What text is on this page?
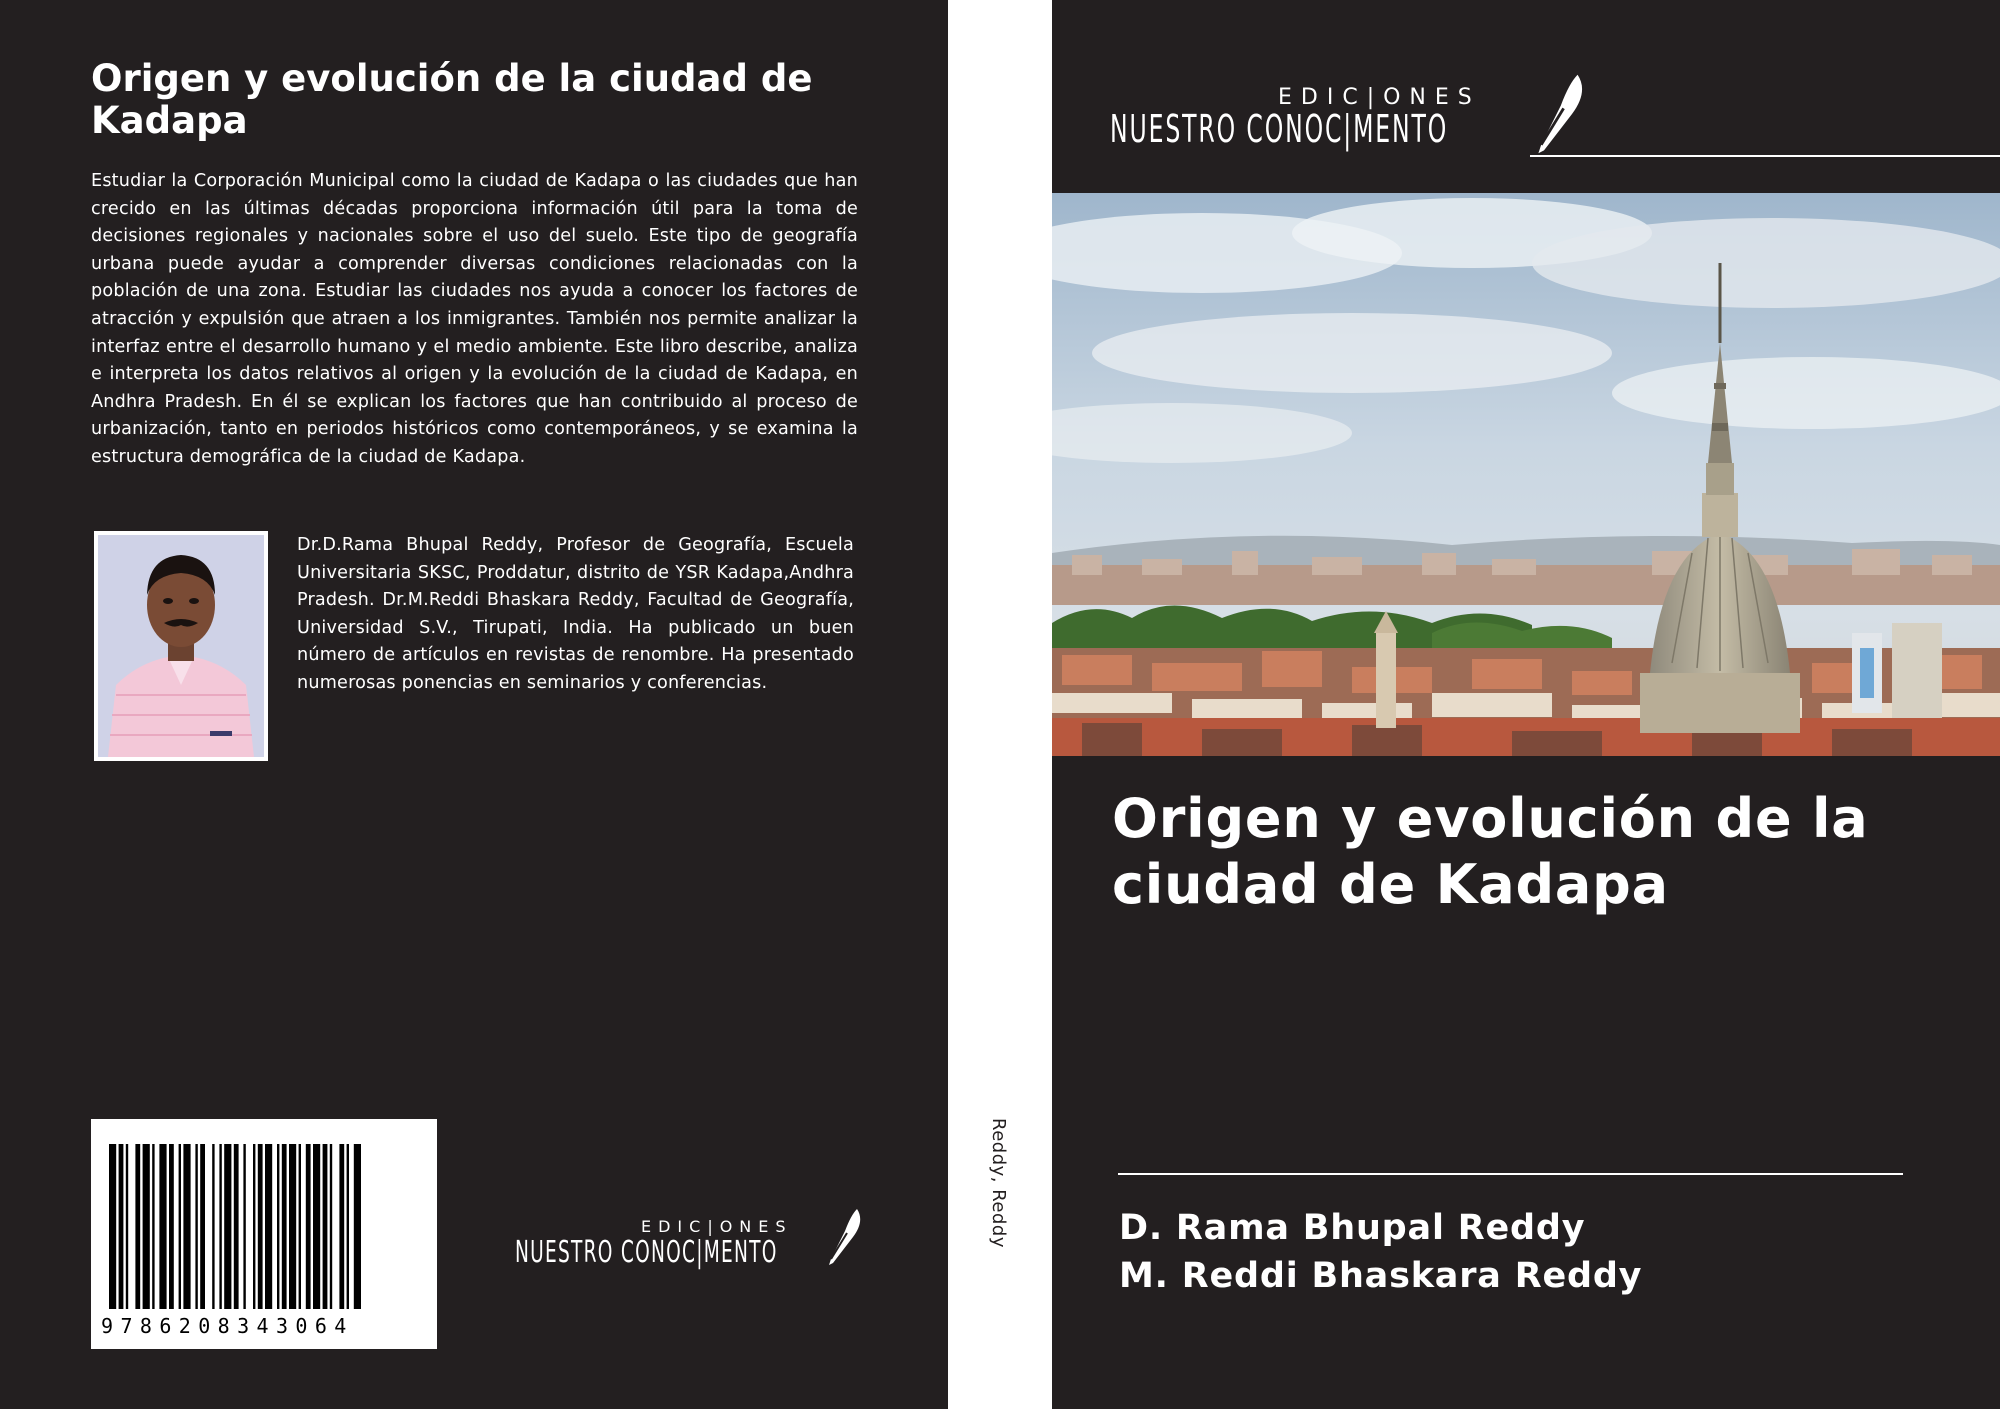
Origen y evolución de la ciudad de Kadapa
Estudiar la Corporación Municipal como la ciudad de Kadapa o las ciudades que han crecido en las últimas décadas proporciona información útil para la toma de decisiones regionales y nacionales sobre el uso del suelo. Este tipo de geografía urbana puede ayudar a comprender diversas condiciones relacionadas con la población de una zona. Estudiar las ciudades nos ayuda a conocer los factores de atracción y expulsión que atraen a los inmigrantes. También nos permite analizar la interfaz entre el desarrollo humano y el medio ambiente. Este libro describe, analiza e interpreta los datos relativos al origen y la evolución de la ciudad de Kadapa, en Andhra Pradesh. En él se explican los factores que han contribuido al proceso de urbanización, tanto en periodos históricos como contemporáneos, y se examina la estructura demográfica de la ciudad de Kadapa.
Dr.D.Rama Bhupal Reddy, Profesor de Geografía, Escuela Universitaria SKSC, Proddatur, distrito de YSR Kadapa,Andhra Pradesh. Dr.M.Reddi Bhaskara Reddy, Facultad de Geografía, Universidad S.V., Tirupati, India. Ha publicado un buen número de artículos en revistas de renombre. Ha presentado numerosas ponencias en seminarios y conferencias.
9786208343064
EDIC|ONES
NUESTRO CONOC|MENTO
Reddy, Reddy
EDIC|ONES
NUESTRO CONOC|MENTO
Origen y evolución de la ciudad de Kadapa
D. Rama Bhupal Reddy
M. Reddi Bhaskara Reddy
